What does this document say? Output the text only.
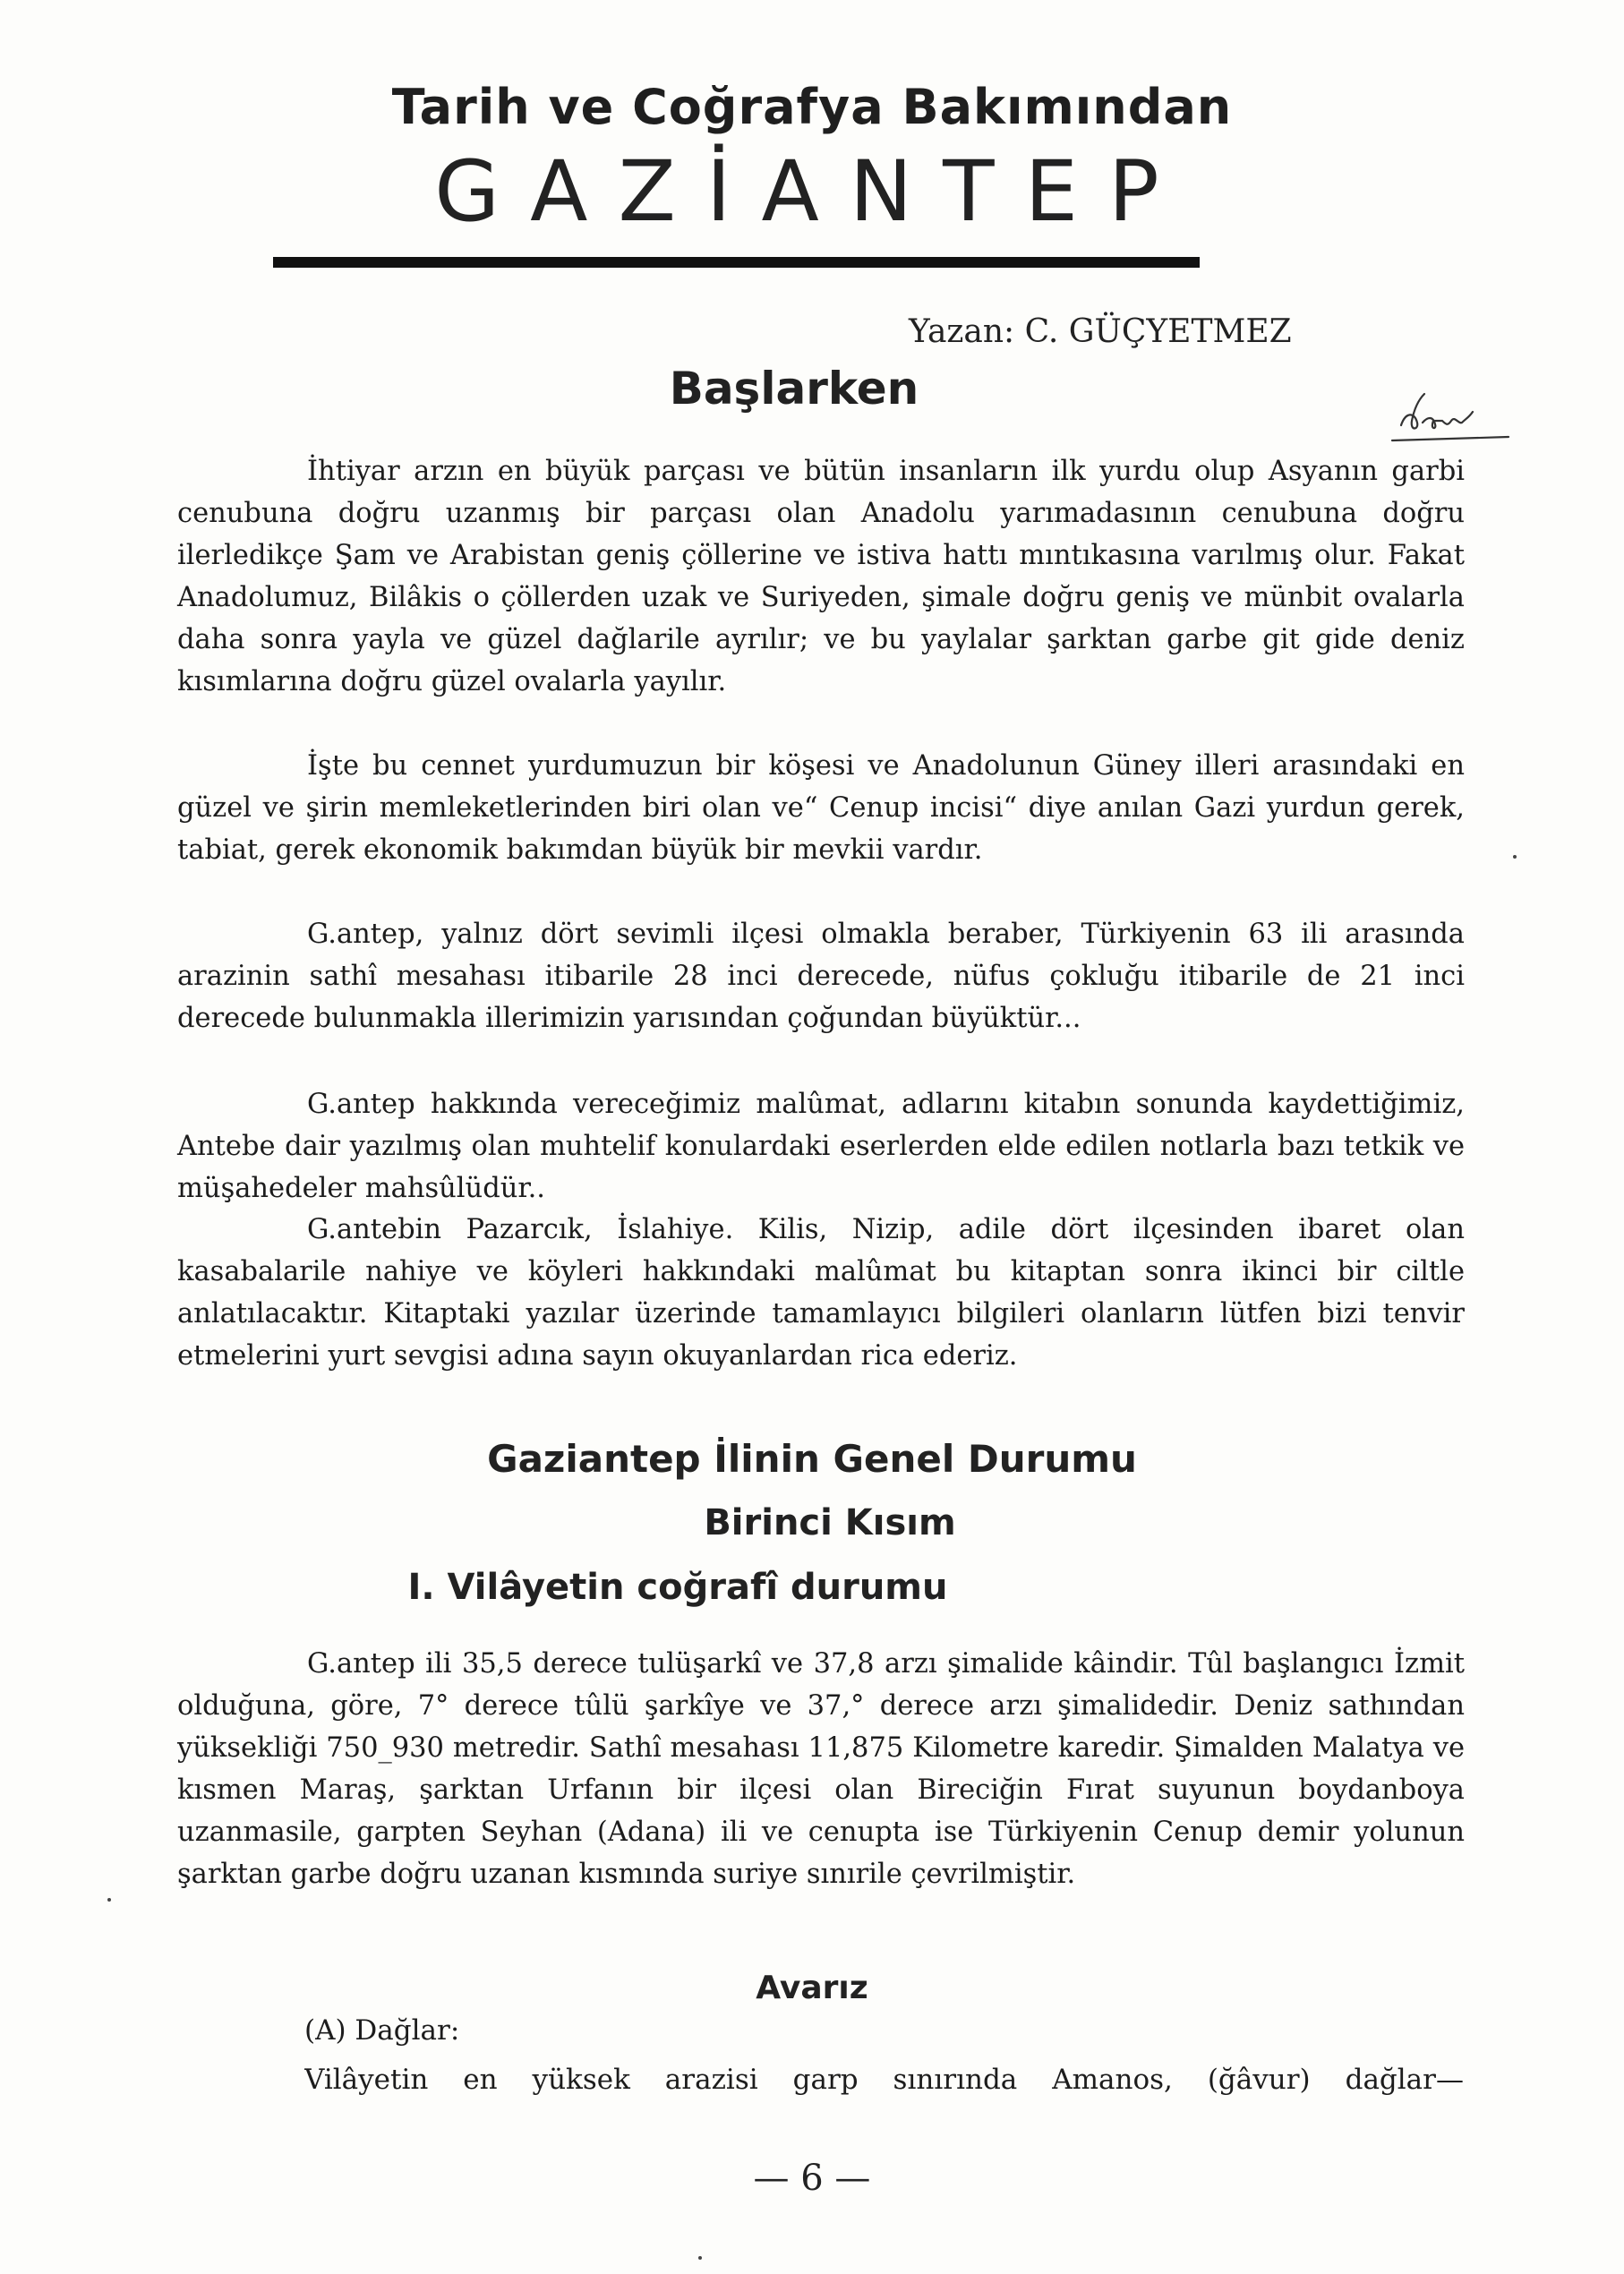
Tarih ve Coğrafya Bakımından
GAZİANTEP
Yazan: C. GÜÇYETMEZ
Başlarken
İhtiyar arzın en büyük parçası ve bütün insanların ilk yurdu olup Asyanın garbi cenubuna doğru uzanmış bir parçası olan Anadolu yarımadasının cenubuna doğru ilerledikçe Şam ve Arabistan geniş çöllerine ve istiva hattı mıntıkasına varılmış olur. Fakat Anadolumuz, Bilâkis o çöllerden uzak ve Suriyeden, şimale doğru geniş ve münbit ovalarla daha sonra yayla ve güzel dağlarile ayrılır; ve bu yaylalar şarktan garbe git gide deniz kısımlarına doğru güzel ovalarla yayılır.
İşte bu cennet yurdumuzun bir köşesi ve Anadolunun Güney illeri arasındaki en güzel ve şirin memleketlerinden biri olan ve“ Cenup incisi“ diye anılan Gazi yurdun gerek, tabiat, gerek ekonomik bakımdan büyük bir mevkii vardır.
G.antep, yalnız dört sevimli ilçesi olmakla beraber, Türkiyenin 63 ili arasında arazinin sathî mesahası itibarile 28 inci derecede, nüfus çokluğu itibarile de 21 inci derecede bulunmakla illerimizin yarısından çoğundan büyüktür...
G.antep hakkında vereceğimiz malûmat, adlarını kitabın sonunda kaydettiğimiz, Antebe dair yazılmış olan muhtelif konulardaki eserlerden elde edilen notlarla bazı tetkik ve müşahedeler mahsûlüdür..
G.antebin Pazarcık, İslahiye. Kilis, Nizip, adile dört ilçesinden ibaret olan kasabalarile nahiye ve köyleri hakkındaki malûmat bu kitaptan sonra ikinci bir ciltle anlatılacaktır. Kitaptaki yazılar üzerinde tamamlayıcı bilgileri olanların lütfen bizi tenvir etmelerini yurt sevgisi adına sayın okuyanlardan rica ederiz.
Gaziantep İlinin Genel Durumu
Birinci Kısım
I. Vilâyetin coğrafî durumu
G.antep ili 35,5 derece tulüşarkî ve 37,8 arzı şimalide kâindir. Tûl başlangıcı İzmit olduğuna, göre, 7° derece tûlü şarkîye ve 37,° derece arzı şimalidedir. Deniz sathından yüksekliği 750_930 metredir. Sathî mesahası 11,875 Kilometre karedir. Şimalden Malatya ve kısmen Maraş, şarktan Urfanın bir ilçesi olan Bireciğin Fırat suyunun boydanboya uzanmasile, garpten Seyhan (Adana) ili ve cenupta ise Türkiyenin Cenup demir yolunun şarktan garbe doğru uzanan kısmında suriye sınırile çevrilmiştir.
Avarız
(A) Dağlar:
Vilâyetin en yüksek arazisi garp sınırında Amanos, (ğâvur) dağlar—
— 6 —
